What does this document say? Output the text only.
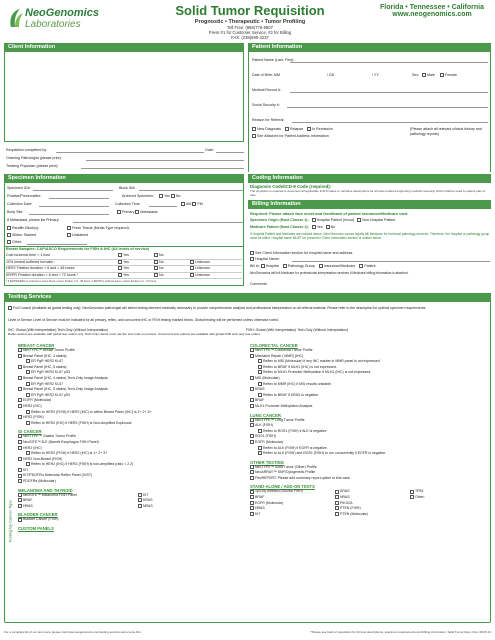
NeoGenomics
Laboratories
Solid Tumor Requisition
Prognostic • Therapeutic • Tumor Profiling
Toll Free: (866)776-5907
Press #1 for Customer Service, #2 for Billing
FAX: (239)690-4237
Florida • Tennessee • California
www.neogenomics.com
Client Information	Patient Information
Patient Name (Last, First):
Date of Birth: MM	/ DD	/ YY	Sex:	Male	Female
Medical Record #:
Social Security #:
Reason for Referral:
New Diagnosis	Relapse	In Remission
See Attached for Patient Address Information
(Please attach all relevant clinical history and pathology reports)
Requisition completed by:	Date:
Ordering Pathologist (please print):
Treating Physician (please print):
Specimen Information
Specimen ID#:	Block ID#:
Fixative/Preservative:	Archived Specimen:	Yes No
Collection Date:	Collection Time:	AM PM
Body Site:	Primary Metastasis
If Metastasis, please list Primary:
Paraffin Block(s):	Fresh Tissue (Media Type required):
Slides: Stained	Unstained
Other:
Breast Samples: CAP/ASCO Requirements for FISH & IHC (All levels of service)
Cold ischemic time < 1 hour	Yes	No
10% neutral buffered formalin :	Yes	No	Unknown
HER2 Fixation duration > 6 and < 48 hours:	Yes	No	Unknown
ER/PR Fixation duration > 6 and < 72 hours *	Yes	No	Unknown
* If ER/PR/HER2 is ordered on same block, proper fixation is 6 - 48 hours. If ER/PR is ordered alone, proper fixation is 6 - 72 hours.
Coding Information
Diagnosis Code/ICD-9 Code (required):
The physician is required to document all applicable ICD-9 codes or narrative descriptions for all tests ordered supporting medical necessity which shall be used to patient plan of care.
Billing Information
Required: Please attach face sheet and front/back of patient insurance/Medicare card.
Specimen Origin (Must Choose 1): Hospital Patient (In/out) Non-Hospital Patient
Medicare Patient (Must Choose 1): Yes No
If Hospital Patient and Medicare are marked above, NeoGenomics cannot legally bill Medicare for technical pathology services. Therefore, the hospital or pathology group must be billed. Hospital name MUST be present in Client Information section or written below.
See Client Information section for hospital name and address.
Hospital Name:
Bill to: Hospital	Pathology Group	Insurance/Medicare	Patient
NeoGenomics will bill Medicare for professional interpretation services if Medicare-billing information is attached.
Comments:
Testing Services
Full Consult (Available as global testing only): NeoGenomics pathologist will select testing deemed medically necessary to provide comprehensive analysis and professional interpretation on all referral material. Please refer to the description for optimal specimen requirements.
Level of Service Level of Service must be indicated for all primary, reflex, and concurrent IHC or FISH testing marked below. Global testing will be performed unless otherwise noted.
IHC: Global (With Interpretation) Tech-Only (Without Interpretation)	FISH: Global (With Interpretation) Tech-Only (Without Interpretation)
Reflex actions are available with global test orders only. Tech-Only clients must use the test code on process. Concurrent test options are available with global AND tech-only test orders.
Testing By Cancer Type
BREAST CANCER
NeoTYPE™ Breast Tumor Profile
Breast Panel (IHC, 4 stains):
ER PgR HER2 Ki-67
Breast Panel (IHC, 5 stains):
ER PgR HER2 Ki-67 p53
Breast Panel (IHC, 4 stains) Tech-Only Image Analysis:
ER PgR HER2 Ki-67
Breast Panel (IHC, 5 stains) Tech-Only Image Analysis:
ER PgR HER2 Ki-67 p53
EGFR (Molecular)
HER2 (IHC)
Reflex to HER2 (FISH) if HER2 (IHC) or within Breast Panel (IHC) is 1+ 2+ 3+
HER2 (FISH)
Reflex to HER2 (IHC) if HER2 (FISH) is Non-Amplified Equivocal
GI CANCER
NeoTYPE™ Gastric Tumor Profile
NeoSITE™ B-E (Barrett Esophagus FISH Panel)
HER2 (IHC)
Reflex to HER2 (FISH) if HER2 (IHC) is 1+ 2+ 3+
HER2 Non-Breast (FISH)
Reflex to HER2 (IHC) if HER2 (FISH) is non-amplified (ratio < 2.2)
KIT
KIT/PDGFRα Molecular Reflex Panel (GIST)
PDGFRα (Molecular)
MELANOMA AND THYROID
NeoSITE™ Melanoma FISH Panel	KIT
BRAF	KRAS
HRAS	NRAS
BLADDER CANCER
Bladder Cancer (FISH)
CUSTOM PANELS
COLORECTAL CANCER
NeoTYPE™ Colorectal Tumor Profile
Mismatch Repair ( MMR) (IHC)
Reflex to MSI (Molecular) if any IHC marker in MMR panel is not expressed
Reflex to BRAF if MLH1 (IHC) is not expressed.
Reflex to MLH1 Promoter Methylation if MLH1 (IHC) is not expressed.
MSI (Molecular)
Reflex to MMR (IHC) if MSI results unstable.
KRAS
Reflex to BRAF if KRAS is negative.
BRAF
MLH1 Promoter Methylation Analysis
LUNG CANCER
NeoTYPE™ Lung Tumor Profile
ALK (FISH)
Reflex to ROS1 (FISH) if ALK is negative
ROS1 (FISH)
EGFR (Molecular)
Reflex to ALK (FISH) if EGFR is negative.
Reflex to ALK (FISH) and ROS1 (FISH) to run concurrently if EGFR is negative.
OTHER TESTING
NeoTYPE™ Solid Tumor (Other) Profile
NeoARRAY™ SNP/Cytogenetic Profile
FlexREPORT: Please add summary report option to this case.
STAND-ALONE / ADD-ON TESTS
1p/19q Deletion (Glioma FISH)	KRAS	TP53
BRAF	NRAS	Other:
EGFR (Molecular)	PIK3CA
HRAS	PTEN (FISH)
KIT	PTEN (Molecular)
For a complete list of our test menu please visit www.neogenomics.com/testing-services-test-menu.htm.	*Please see back of requisition for full test descriptions, specimen requirements and billing information. Solid Tumor Req • Rev. 08.05.13
